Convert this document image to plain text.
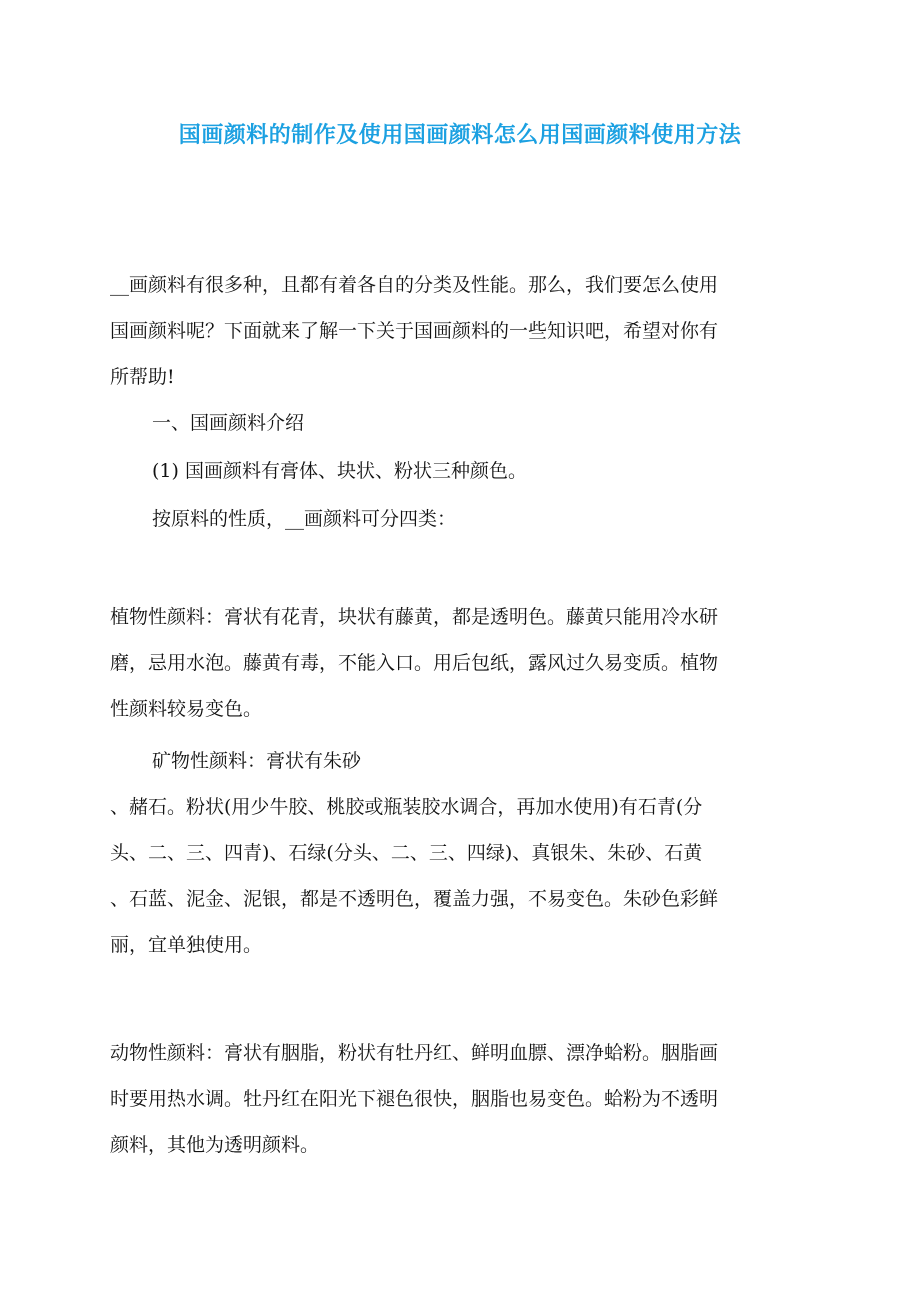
国画颜料的制作及使用国画颜料怎么用国画颜料使用方法
__画颜料有很多种，且都有着各自的分类及性能。那么，我们要怎么使用
国画颜料呢？下面就来了解一下关于国画颜料的一些知识吧，希望对你有
所帮助!
一、国画颜料介绍
(1) 国画颜料有膏体、块状、粉状三种颜色。
按原料的性质，__画颜料可分四类：
植物性颜料：膏状有花青，块状有藤黄，都是透明色。藤黄只能用冷水研
磨，忌用水泡。藤黄有毒，不能入口。用后包纸，露风过久易变质。植物
性颜料较易变色。
矿物性颜料：膏状有朱砂
、赭石。粉状(用少牛胶、桃胶或瓶装胶水调合，再加水使用)有石青(分
头、二、三、四青)、石绿(分头、二、三、四绿)、真银朱、朱砂、石黄
、石蓝、泥金、泥银，都是不透明色，覆盖力强，不易变色。朱砂色彩鲜
丽，宜单独使用。
动物性颜料：膏状有胭脂，粉状有牡丹红、鲜明血膘、漂净蛤粉。胭脂画
时要用热水调。牡丹红在阳光下褪色很快，胭脂也易变色。蛤粉为不透明
颜料，其他为透明颜料。
